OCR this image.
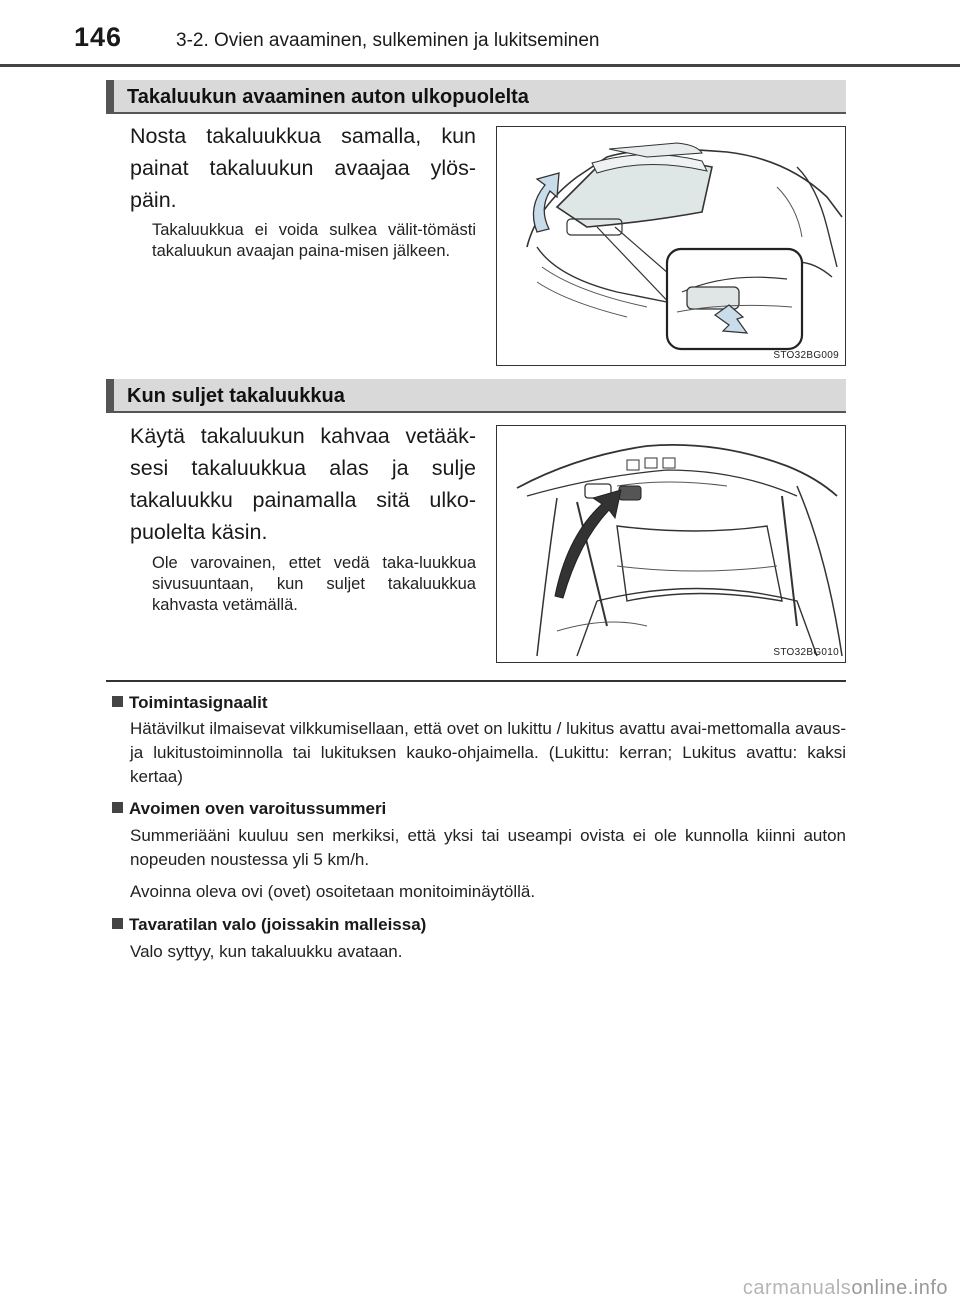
146	3-2. Ovien avaaminen, sulkeminen ja lukitseminen
Takaluukun avaaminen auton ulkopuolelta
Nosta takaluukkua samalla, kun painat takaluukun avaajaa ylös-päin.
Takaluukkua ei voida sulkea välit-tömästi takaluukun avaajan paina-misen jälkeen.
STO32BG009
Kun suljet takaluukkua
Käytä takaluukun kahvaa vetääk-sesi takaluukkua alas ja sulje takaluukku painamalla sitä ulko-puolelta käsin.
Ole varovainen, ettet vedä taka-luukkua sivusuuntaan, kun suljet takaluukkua kahvasta vetämällä.
STO32BG010
Toimintasignaalit
Hätävilkut ilmaisevat vilkkumisellaan, että ovet on lukittu / lukitus avattu avai-mettomalla avaus- ja lukitustoiminnolla tai lukituksen kauko-ohjaimella. (Lukittu: kerran; Lukitus avattu: kaksi kertaa)
Avoimen oven varoitussummeri
Summeriääni kuuluu sen merkiksi, että yksi tai useampi ovista ei ole kunnolla kiinni auton nopeuden noustessa yli 5 km/h.
Avoinna oleva ovi (ovet) osoitetaan monitoiminäytöllä.
Tavaratilan valo (joissakin malleissa)
Valo syttyy, kun takaluukku avataan.
carmanualsonline.info
